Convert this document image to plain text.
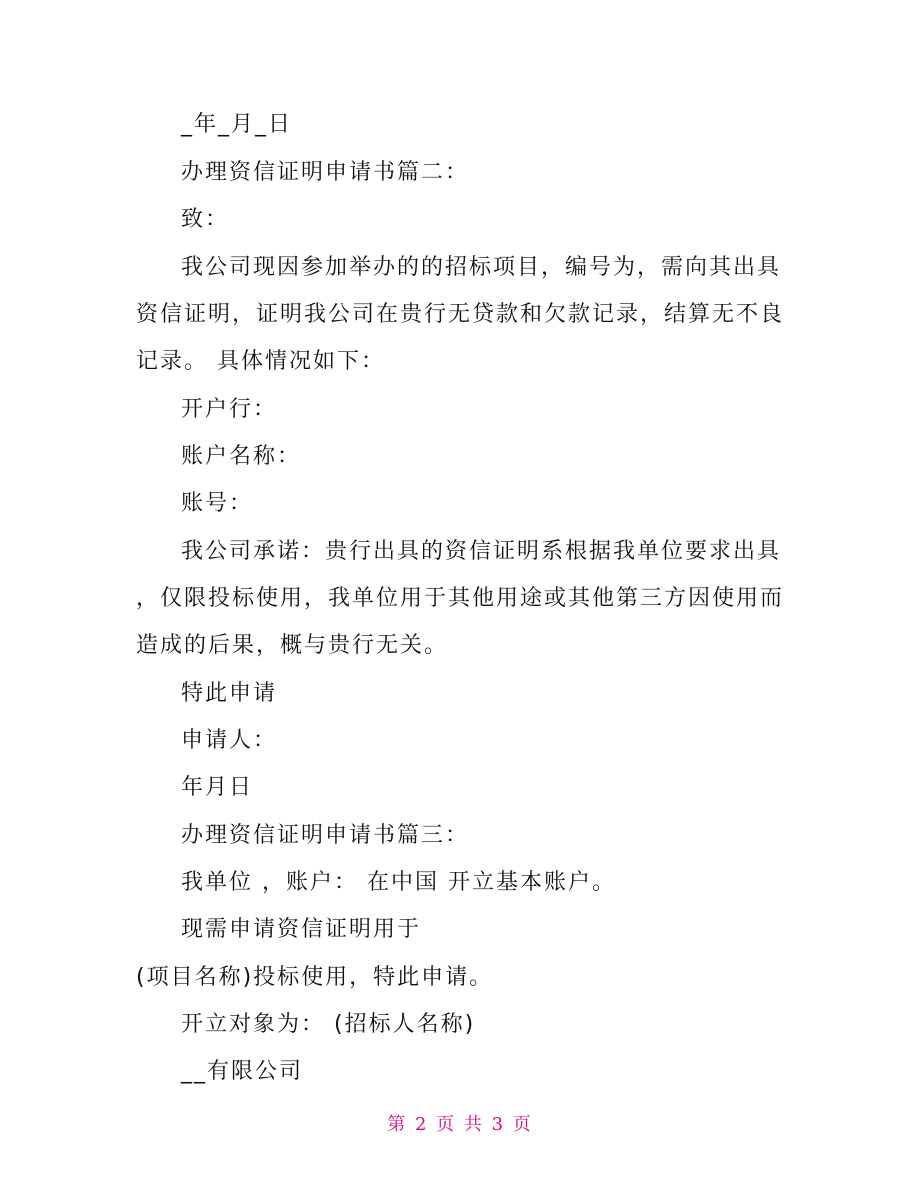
_年_月_日
办理资信证明申请书篇二：
致：
我公司现因参加举办的的招标项目，编号为，需向其出具
资信证明，证明我公司在贵行无贷款和欠款记录，结算无不良
记录。 具体情况如下：
开户行：
账户名称：
账号：
我公司承诺：贵行出具的资信证明系根据我单位要求出具
，仅限投标使用，我单位用于其他用途或其他第三方因使用而
造成的后果，概与贵行无关。
特此申请
申请人：
年月日
办理资信证明申请书篇三：
我单位 ，账户： 在中国 开立基本账户。
现需申请资信证明用于
(项目名称)投标使用，特此申请。
开立对象为： (招标人名称)
__有限公司
第 2 页 共 3 页
